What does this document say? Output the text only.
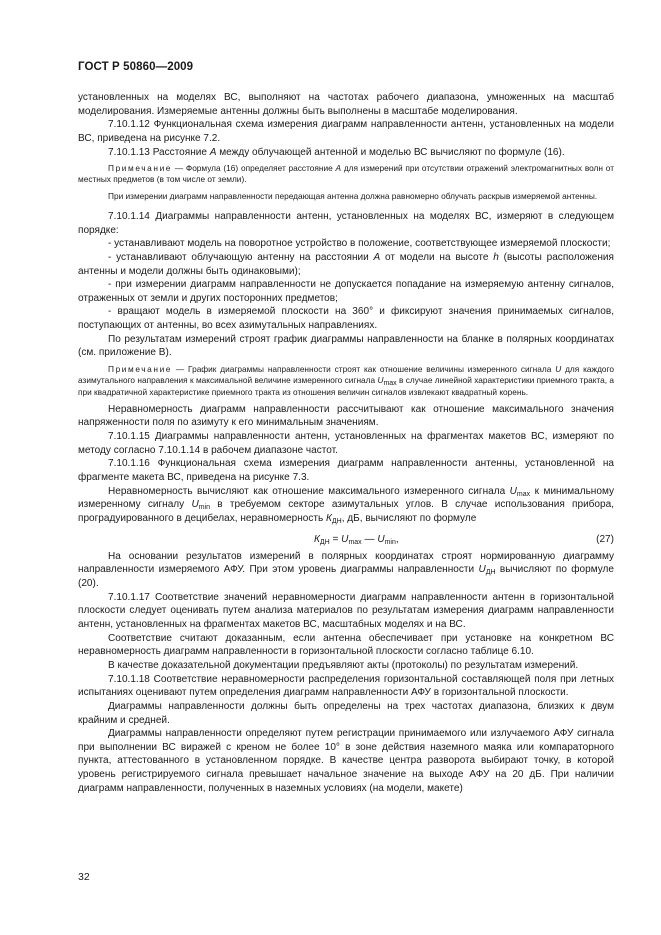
ГОСТ Р 50860—2009

установленных на моделях ВС, выполняют на частотах рабочего диапазона, умноженных на масштаб моделирования. Измеряемые антенны должны быть выполнены в масштабе моделирования.

7.10.1.12 Функциональная схема измерения диаграмм направленности антенн, установленных на модели ВС, приведена на рисунке 7.2.

7.10.1.13 Расстояние А между облучающей антенной и моделью ВС вычисляют по формуле (16).

Примечание — Формула (16) определяет расстояние А для измерений при отсутствии отражений электромагнитных волн от местных предметов (в том числе от земли).

При измерении диаграмм направленности передающая антенна должна равномерно облучать раскрыв измеряемой антенны.

7.10.1.14 Диаграммы направленности антенн, установленных на моделях ВС, измеряют в следующем порядке:

- устанавливают модель на поворотное устройство в положение, соответствующее измеряемой плоскости;

- устанавливают облучающую антенну на расстоянии А от модели на высоте h (высоты расположения антенны и модели должны быть одинаковыми);

- при измерении диаграмм направленности не допускается попадание на измеряемую антенну сигналов, отраженных от земли и других посторонних предметов;

- вращают модель в измеряемой плоскости на 360° и фиксируют значения принимаемых сигналов, поступающих от антенны, во всех азимутальных направлениях.

По результатам измерений строят график диаграммы направленности на бланке в полярных координатах (см. приложение В).

Примечание — График диаграммы направленности строят как отношение величины измеренного сигнала U для каждого азимутального направления к максимальной величине измеренного сигнала $U_{max}$ в случае линейной характеристики приемного тракта, а при квадратичной характеристике приемного тракта из отношения величин сигналов извлекают квадратный корень.

Неравномерность диаграмм направленности рассчитывают как отношение максимального значения напряженности поля по азимуту к его минимальным значениям.

7.10.1.15 Диаграммы направленности антенн, установленных на фрагментах макетов ВС, измеряют по методу согласно 7.10.1.14 в рабочем диапазоне частот.

7.10.1.16 Функциональная схема измерения диаграмм направленности антенны, установленной на фрагменте макета ВС, приведена на рисунке 7.3.

Неравномерность вычисляют как отношение максимального измеренного сигнала $U_{max}$ к минимальному измеренному сигналу $U_{min}$ в требуемом секторе азимутальных углов. В случае использования прибора, проградуированного в децибелах, неравномерность $К_{ДН}$, дБ, вычисляют по формуле

$К_{ДН} = U_{max}$ — $U_{min}$,	(27)

На основании результатов измерений в полярных координатах строят нормированную диаграмму направленности измеряемого АФУ. При этом уровень диаграммы направленности $U_{ДН}$ вычисляют по формуле (20).

7.10.1.17 Соответствие значений неравномерности диаграмм направленности антенн в горизонтальной плоскости следует оценивать путем анализа материалов по результатам измерения диаграмм направленности антенн, установленных на фрагментах макетов ВС, масштабных моделях и на ВС.

Соответствие считают доказанным, если антенна обеспечивает при установке на конкретном ВС неравномерность диаграмм направленности в горизонтальной плоскости согласно таблице 6.10.

В качестве доказательной документации предъявляют акты (протоколы) по результатам измерений.

7.10.1.18 Соответствие неравномерности распределения горизонтальной составляющей поля при летных испытаниях оценивают путем определения диаграмм направленности АФУ в горизонтальной плоскости.

Диаграммы направленности должны быть определены на трех частотах диапазона, близких к двум крайним и средней.

Диаграммы направленности определяют путем регистрации принимаемого или излучаемого АФУ сигнала при выполнении ВС виражей с креном не более 10° в зоне действия наземного маяка или компараторного пункта, аттестованного в установленном порядке. В качестве центра разворота выбирают точку, в которой уровень регистрируемого сигнала превышает начальное значение на выходе АФУ на 20 дБ. При наличии диаграмм направленности, полученных в наземных условиях (на модели, макете)

32
